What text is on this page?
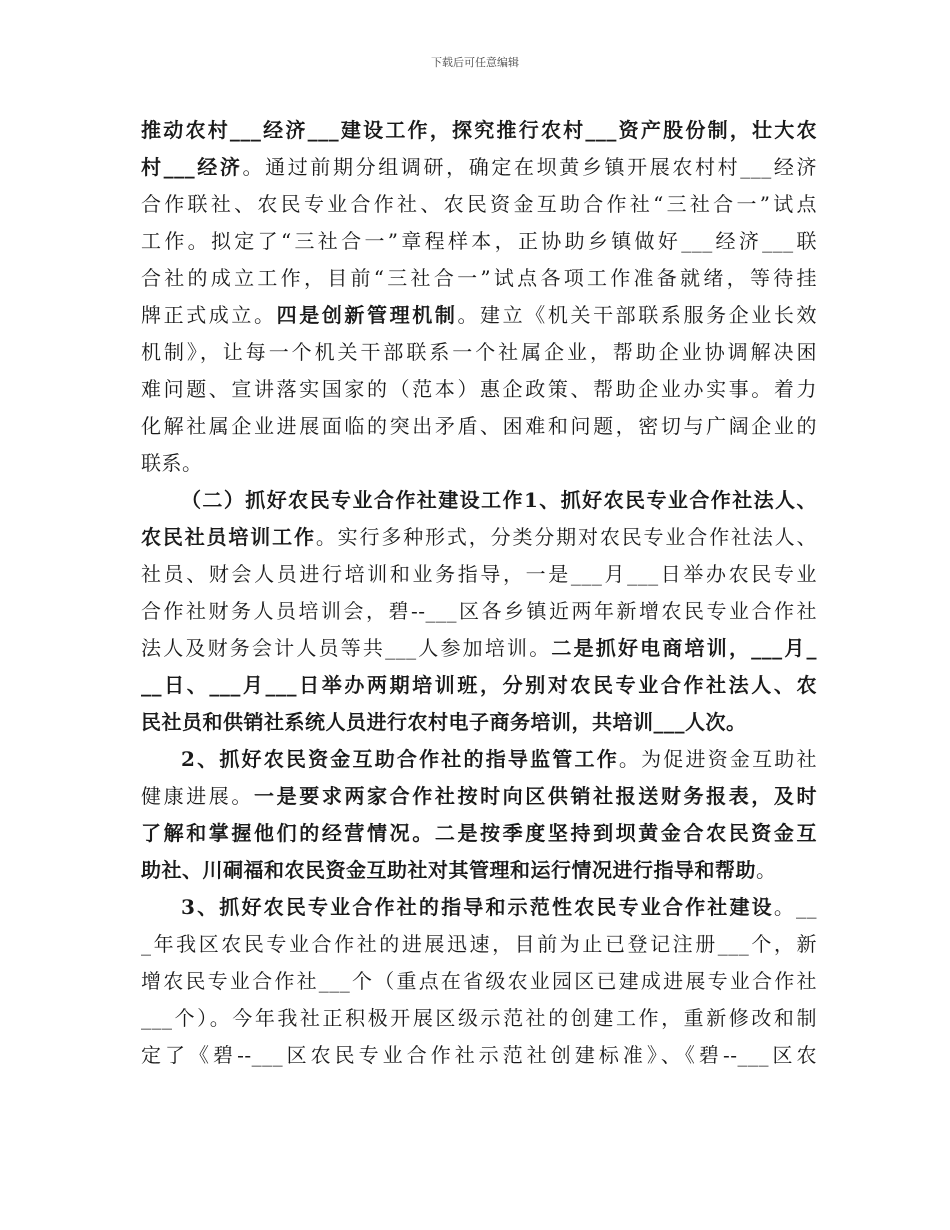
下载后可任意编辑
推动农村___经济___建设工作，探究推行农村___资产股份制，壮大农
村___经济。通过前期分组调研，确定在坝黄乡镇开展农村村___经济
合作联社、农民专业合作社、农民资金互助合作社“三社合一”试点
工作。拟定了“三社合一”章程样本，正协助乡镇做好___经济___联
合社的成立工作，目前“三社合一”试点各项工作准备就绪，等待挂
牌正式成立。四是创新管理机制。建立《机关干部联系服务企业长效
机制》，让每一个机关干部联系一个社属企业，帮助企业协调解决困
难问题、宣讲落实国家的（范本）惠企政策、帮助企业办实事。着力
化解社属企业进展面临的突出矛盾、困难和问题，密切与广阔企业的
联系。
（二）抓好农民专业合作社建设工作1、抓好农民专业合作社法人、
农民社员培训工作。实行多种形式，分类分期对农民专业合作社法人、
社员、财会人员进行培训和业务指导，一是___月___日举办农民专业
合作社财务人员培训会，碧--___区各乡镇近两年新增农民专业合作社
法人及财务会计人员等共___人参加培训。二是抓好电商培训，___月_
__日、___月___日举办两期培训班，分别对农民专业合作社法人、农
民社员和供销社系统人员进行农村电子商务培训，共培训___人次。
2、抓好农民资金互助合作社的指导监管工作。为促进资金互助社
健康进展。一是要求两家合作社按时向区供销社报送财务报表，及时
了解和掌握他们的经营情况。二是按季度坚持到坝黄金合农民资金互
助社、川硐福和农民资金互助社对其管理和运行情况进行指导和帮助。
3、抓好农民专业合作社的指导和示范性农民专业合作社建设。__
_年我区农民专业合作社的进展迅速，目前为止已登记注册___个，新
增农民专业合作社___个（重点在省级农业园区已建成进展专业合作社
___个）。今年我社正积极开展区级示范社的创建工作，重新修改和制
定了《碧--___区农民专业合作社示范社创建标准》、《碧--___区农
